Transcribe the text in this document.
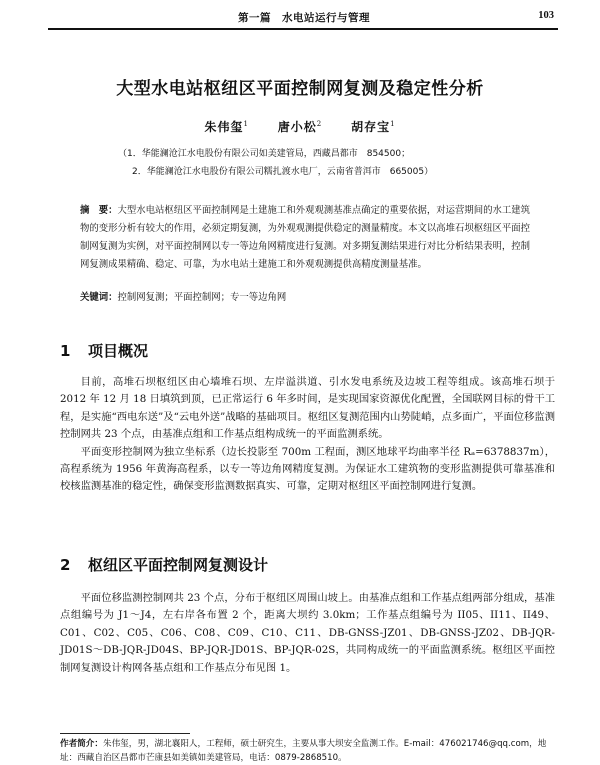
第一篇　水电站运行与管理	103
大型水电站枢纽区平面控制网复测及稳定性分析
朱伟玺$^1$ 唐小松$^2$ 胡存宝$^1$
（1．华能澜沧江水电股份有限公司如美建管局，西藏昌都市　854500；
2．华能澜沧江水电股份有限公司糯扎渡水电厂，云南省普洱市　665005）
摘　要：大型水电站枢纽区平面控制网是土建施工和外观观测基准点确定的重要依据，对运营期间的水工建筑物的变形分析有较大的作用，必须定期复测，为外观观测提供稳定的测量精度。本文以高堆石坝枢纽区平面控制网复测为实例，对平面控制网以专一等边角网精度进行复测。对多期复测结果进行对比分析结果表明，控制网复测成果精确、稳定、可靠，为水电站土建施工和外观观测提供高精度测量基准。
关键词：控制网复测；平面控制网；专一等边角网
1 项目概况

目前，高堆石坝枢纽区由心墙堆石坝、左岸溢洪道、引水发电系统及边坡工程等组成。该高堆石坝于 2012 年 12 月 18 日填筑到顶，已正常运行 6 年多时间，是实现国家资源优化配置，全国联网目标的骨干工程，是实施“西电东送”及“云电外送”战略的基础项目。枢纽区复测范围内山势陡峭，点多面广，平面位移监测控制网共 23 个点，由基准点组和工作基点组构成统一的平面监测系统。

平面变形控制网为独立坐标系（边长投影至 700m 工程面，测区地球平均曲率半径 Rₐ=6378837m），高程系统为 1956 年黄海高程系，以专一等边角网精度复测。为保证水工建筑物的变形监测提供可靠基准和校核监测基准的稳定性，确保变形监测数据真实、可靠，定期对枢纽区平面控制网进行复测。

2 枢纽区平面控制网复测设计

平面位移监测控制网共 23 个点，分布于枢纽区周围山坡上。由基准点组和工作基点组两部分组成，基准点组编号为 J1～J4，左右岸各布置 2 个，距离大坝约 3.0km；工作基点组编号为 II05、II11、II49、C01、C02、C05、C06、C08、C09、C10、C11、DB-GNSS-JZ01、DB-GNSS-JZ02、DB-JQR-JD01S～DB-JQR-JD04S、BP-JQR-JD01S、BP-JQR-02S，共同构成统一的平面监测系统。枢纽区平面控制网复测设计构网各基点组和工作基点分布见图 1。

作者简介：朱伟玺，男，湖北襄阳人，工程师，硕士研究生，主要从事大坝安全监测工作。E-mail：476021746@qq.com，地址：西藏自治区昌都市芒康县如美镇如美建管局，电话：0879-2868510。
